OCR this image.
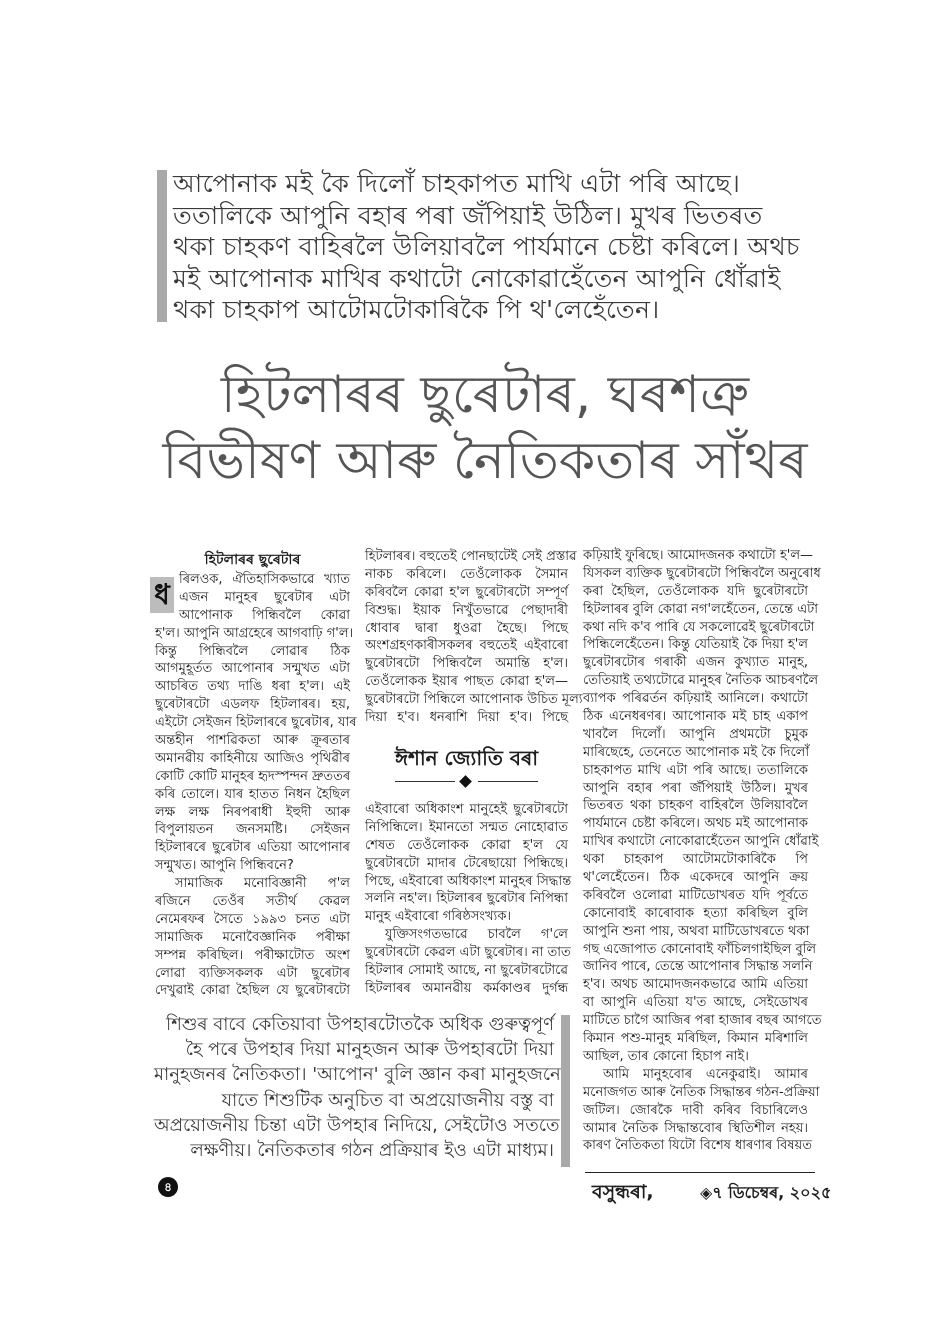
আপোনাক মই কৈ দিলোঁ চাহকাপত মাখি এটা পৰি আছে।
ততালিকে আপুনি বহাৰ পৰা জঁপিয়াই উঠিল। মুখৰ ভিতৰত
থকা চাহকণ বাহিৰলৈ উলিয়াবলৈ পাৰ্যমানে চেষ্টা কৰিলে। অথচ
মই আপোনাক মাখিৰ কথাটো নোকোৱাহেঁতেন আপুনি ধোঁৱাই
থকা চাহকাপ আটোমটোকাৰিকৈ পি থ'লেহেঁতেন।
হিটলাৰৰ ছুৰেটাৰ, ঘৰশত্ৰু
বিভীষণ আৰু নৈতিকতাৰ সাঁথৰ
হিটলাৰৰ ছুৰেটাৰ
ধ ৰিলওক, ঐতিহাসিকভাৱে খ্যাত
এজন মানুহৰ ছুৰেটাৰ এটা
আপোনাক পিন্ধিবলৈ কোৱা
হ'ল। আপুনি আগ্ৰহেৰে আগবাঢ়ি গ'ল।
কিন্তু পিন্ধিবলৈ লোৱাৰ ঠিক
আগমুহূৰ্তত আপোনাৰ সন্মুখত এটা
আচৰিত তথ্য দাঙি ধৰা হ'ল। এই
ছুৰেটাৰটো এডলফ হিটলাৰৰ। হয়,
এইটো সেইজন হিটলাৰৰে ছুৰেটাৰ, যাৰ
অন্তহীন পাশৱিকতা আৰু ক্ৰূৰতাৰ
অমানৱীয় কাহিনীয়ে আজিও পৃথিৱীৰ
কোটি কোটি মানুহৰ হৃদস্পন্দন দ্ৰুততৰ
কৰি তোলে। যাৰ হাতত নিধন হৈছিল
লক্ষ লক্ষ নিৰপৰাধী ইহুদী আৰু
বিপুলায়তন জনসমষ্টি। সেইজন
হিটলাৰৰে ছুৰেটাৰ এতিয়া আপোনাৰ
সন্মুখত। আপুনি পিন্ধিবনে?
সামাজিক মনোবিজ্ঞানী প'ল
ৰজিনে তেওঁৰ সতীৰ্থ কেৱল
নেমেৰফৰ সৈতে ১৯৯৩ চনত এটা
সামাজিক মনোবৈজ্ঞানিক পৰীক্ষা
সম্পন্ন কৰিছিল। পৰীক্ষাটোত অংশ
লোৱা ব্যক্তিসকলক এটা ছুৰেটাৰ
দেখুৱাই কোৱা হৈছিল যে ছুৰেটাৰটো
হিটলাৰৰ। বহুতেই পোনছাটেই সেই প্ৰস্তাৱ
নাকচ কৰিলে। তেওঁলোকক সৈমান
কৰিবলৈ কোৱা হ'ল ছুৰেটাৰটো সম্পূৰ্ণ
বিশুদ্ধ। ইয়াক নিখুঁতভাৱে পেছাদাৰী
ধোবাৰ দ্বাৰা ধুওৱা হৈছে। পিছে
অংশগ্ৰহণকাৰীসকলৰ বহুতেই এইবাৰো
ছুৰেটাৰটো পিন্ধিবলৈ অমান্তি হ'ল।
তেওঁলোকক ইয়াৰ পাছত কোৱা হ'ল—
ছুৰেটাৰটো পিন্ধিলে আপোনাক উচিত মূল্য
দিয়া হ'ব। ধনৰাশি দিয়া হ'ব। পিছে
ঈশান জ্যোতি বৰা
এইবাৰো অধিকাংশ মানুহেই ছুৰেটাৰটো
নিপিন্ধিলে। ইমানতো সন্মত নোহোৱাত
শেষত তেওঁলোকক কোৱা হ'ল যে
ছুৰেটাৰটো মাদাৰ টেৰেছায়ো পিন্ধিছে।
পিছে, এইবাৰো অধিকাংশ মানুহৰ সিদ্ধান্ত
সলনি নহ'ল। হিটলাৰৰ ছুৰেটাৰ নিপিন্ধা
মানুহ এইবাৰো গৰিষ্ঠসংখ্যক।
যুক্তিসংগতভাৱে চাবলৈ গ'লে
ছুৰেটাৰটো কেৱল এটা ছুৰেটাৰ। না তাত
হিটলাৰ সোমাই আছে, না ছুৰেটাৰটোৱে
হিটলাৰৰ অমানৱীয় কৰ্মকাণ্ডৰ দুৰ্গন্ধ
কঢ়িয়াই ফুৰিছে। আমোদজনক কথাটো হ'ল—
যিসকল ব্যক্তিক ছুৰেটাৰটো পিন্ধিবলৈ অনুৰোধ
কৰা হৈছিল, তেওঁলোকক যদি ছুৰেটাৰটো
হিটলাৰৰ বুলি কোৱা নগ'লহেঁতেন, তেন্তে এটা
কথা নদি ক'ব পাৰি যে সকলোৱেই ছুৰেটাৰটো
পিন্ধিলেহেঁতেন। কিন্তু যেতিয়াই কৈ দিয়া হ'ল
ছুৰেটাৰটোৰ গৰাকী এজন কুখ্যাত মানুহ,
তেতিয়াই তথ্যটোৱে মানুহৰ নৈতিক আচৰণলৈ
ব্যাপক পৰিৱৰ্তন কঢ়িয়াই আনিলে। কথাটো
ঠিক এনেধৰণৰ। আপোনাক মই চাহ একাপ
খাবলৈ দিলোঁ। আপুনি প্ৰথমটো চুমুক
মাৰিছেহে, তেনেতে আপোনাক মই কৈ দিলোঁ
চাহকাপত মাখি এটা পৰি আছে। ততালিকে
আপুনি বহাৰ পৰা জঁপিয়াই উঠিল। মুখৰ
ভিতৰত থকা চাহকণ বাহিৰলৈ উলিয়াবলৈ
পাৰ্যমানে চেষ্টা কৰিলে। অথচ মই আপোনাক
মাখিৰ কথাটো নোকোৱাহেঁতেন আপুনি ধোঁৱাই
থকা চাহকাপ আটোমটোকাৰিকৈ পি
থ'লেহেঁতেন। ঠিক একেদৰে আপুনি ক্ৰয়
কৰিবলৈ ওলোৱা মাটিডোখৰত যদি পূৰ্বতে
কোনোবাই কাৰোবাক হত্যা কৰিছিল বুলি
আপুনি শুনা পায়, অথবা মাটিডোখৰতে থকা
গছ এজোপাত কোনোবাই ফাঁচিলগাইছিল বুলি
জানিব পাৰে, তেন্তে আপোনাৰ সিদ্ধান্ত সলনি
হ'ব। অথচ আমোদজনকভাৱে আমি এতিয়া
বা আপুনি এতিয়া য'ত আছে, সেইডোখৰ
মাটিতে চাগৈ আজিৰ পৰা হাজাৰ বছৰ আগতে
কিমান পশু-মানুহ মৰিছিল, কিমান মৰিশালি
আছিল, তাৰ কোনো হিচাপ নাই।
আমি মানুহবোৰ এনেকুৱাই। আমাৰ
মনোজগত আৰু নৈতিক সিদ্ধান্তৰ গঠন-প্ৰক্ৰিয়া
জটিল। জোৰকৈ দাবী কৰিব বিচাৰিলেও
আমাৰ নৈতিক সিদ্ধান্তবোৰ স্থিতিশীল নহয়।
কাৰণ নৈতিকতা যিটো বিশেষ ধাৰণাৰ বিষয়ত
শিশুৰ বাবে কেতিয়াবা উপহাৰটোতকৈ অধিক গুৰুত্বপূৰ্ণ
হৈ পৰে উপহাৰ দিয়া মানুহজন আৰু উপহাৰটো দিয়া
মানুহজনৰ নৈতিকতা। 'আপোন' বুলি জ্ঞান কৰা মানুহজনে
যাতে শিশুটিক অনুচিত বা অপ্ৰয়োজনীয় বস্তু বা
অপ্ৰয়োজনীয় চিন্তা এটা উপহাৰ নিদিয়ে, সেইটোও সততে
লক্ষণীয়। নৈতিকতাৰ গঠন প্ৰক্ৰিয়াৰ ইও এটা মাধ্যম।
৪	বসুন্ধৰা,	◈৭ ডিচেম্বৰ, ২০২৫
